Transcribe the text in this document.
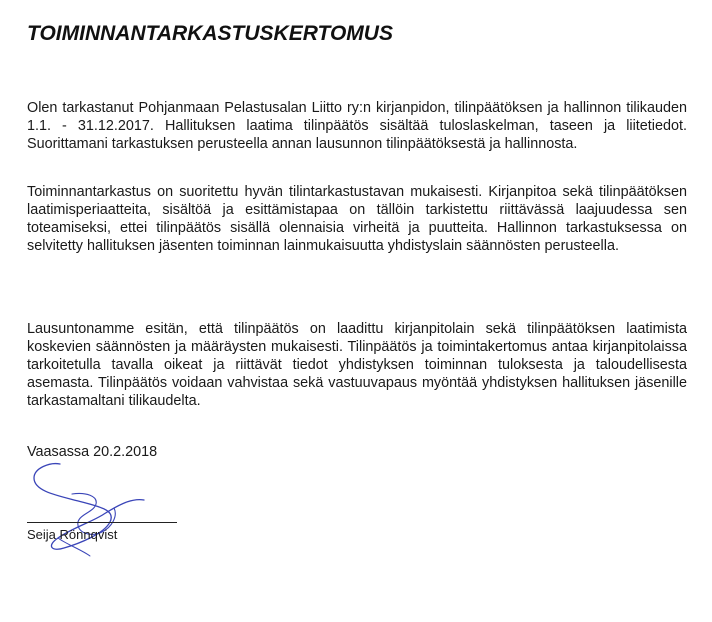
TOIMINNANTARKASTUSKERTOMUS

Olen tarkastanut Pohjanmaan Pelastusalan Liitto ry:n kirjanpidon, tilinpäätöksen ja hallinnon tilikauden 1.1. - 31.12.2017. Hallituksen laatima tilinpäätös sisältää tuloslaskelman, taseen ja liitetiedot. Suorittamani tarkastuksen perusteella annan lausunnon tilinpäätöksestä ja hallinnosta.

Toiminnantarkastus on suoritettu hyvän tilintarkastustavan mukaisesti. Kirjanpitoa sekä tilinpäätöksen laatimisperiaatteita, sisältöä ja esittämistapaa on tällöin tarkistettu riittävässä laajuudessa sen toteamiseksi, ettei tilinpäätös sisällä olennaisia virheitä ja puutteita. Hallinnon tarkastuksessa on selvitetty hallituksen jäsenten toiminnan lainmukaisuutta yhdistyslain säännösten perusteella.

Lausuntonamme esitän, että tilinpäätös on laadittu kirjanpitolain sekä tilinpäätöksen laatimista koskevien säännösten ja määräysten mukaisesti. Tilinpäätös ja toimintakertomus antaa kirjanpitolaissa tarkoitetulla tavalla oikeat ja riittävät tiedot yhdistyksen toiminnan tuloksesta ja taloudellisesta asemasta. Tilinpäätös voidaan vahvistaa sekä vastuuvapaus myöntää yhdistyksen hallituksen jäsenille tarkastamaltani tilikaudelta.

Vaasassa 20.2.2018

Seija Rönnqvist
